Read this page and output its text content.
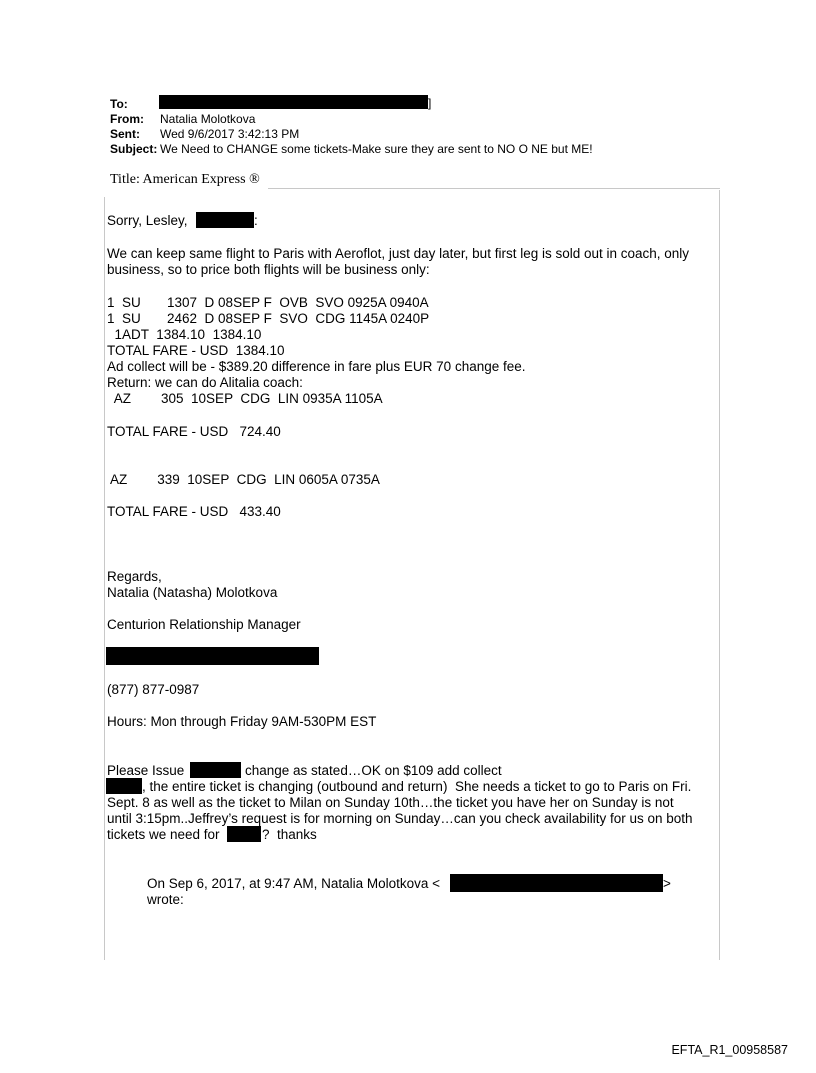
To:	]
From: Natalia Molotkova
Sent: Wed 9/6/2017 3:42:13 PM
Subject: We Need to CHANGE some tickets-Make sure they are sent to NO O NE but ME!
Title: American Express ®
Sorry, Lesley,	:
We can keep same flight to Paris with Aeroflot, just day later, but first leg is sold out in coach, only
business, so to price both flights will be business only:
1  SU       1307  D 08SEP F  OVB  SVO 0925A 0940A
1  SU       2462  D 08SEP F  SVO  CDG 1145A 0240P
1ADT  1384.10  1384.10
TOTAL FARE - USD  1384.10
Ad collect will be - $389.20 difference in fare plus EUR 70 change fee.
Return: we can do Alitalia coach:
AZ        305  10SEP  CDG  LIN 0935A 1105A
TOTAL FARE - USD   724.40
AZ        339  10SEP  CDG  LIN 0605A 0735A
TOTAL FARE - USD   433.40
Regards,
Natalia (Natasha) Molotkova
Centurion Relationship Manager
(877) 877-0987
Hours: Mon through Friday 9AM-530PM EST
Please Issue	change as stated…OK on $109 add collect
, the entire ticket is changing (outbound and return)  She needs a ticket to go to Paris on Fri.
Sept. 8 as well as the ticket to Milan on Sunday 10th…the ticket you have her on Sunday is not
until 3:15pm..Jeffrey’s request is for morning on Sunday…can you check availability for us on both
tickets we need for	?  thanks
On Sep 6, 2017, at 9:47 AM, Natalia Molotkova <	>
wrote:
EFTA_R1_00958587
